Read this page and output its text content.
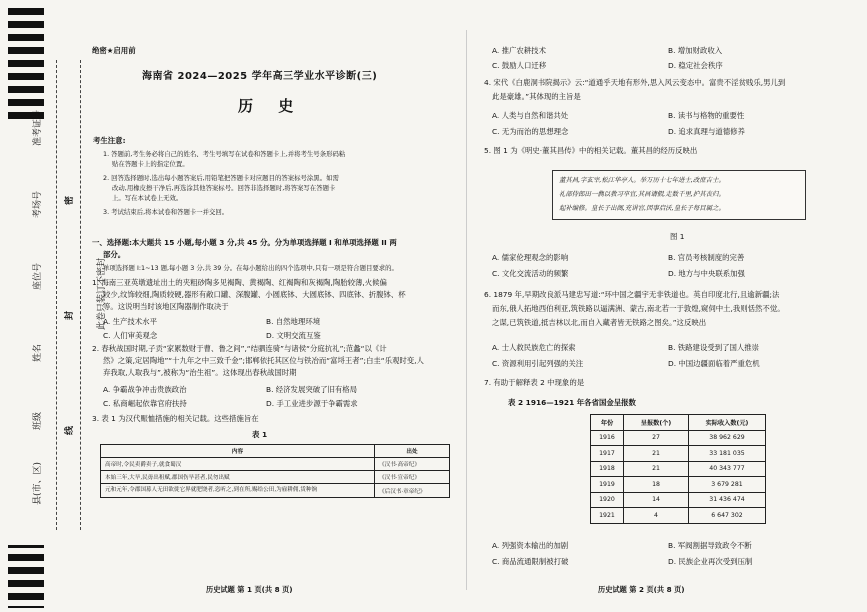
准考证号
考场号
座位号
姓名
班级
县(市、区)
密
封
线
此卷只装订不密封
绝密★启用前
海南省 2024—2025 学年高三学业水平诊断(三)
历 史
考生注意:
1. 答题前,考生务必将自己的姓名、考生号填写在试卷和答题卡上,并将考生号条形码粘
贴在答题卡上的指定位置。
2. 回答选择题时,选出每小题答案后,用铅笔把答题卡对应题目的答案标号涂黑。如需
改动,用橡皮擦干净后,再选涂其他答案标号。回答非选择题时,将答案写在答题卡
上。写在本试卷上无效。
3. 考试结束后,将本试卷和答题卡一并交回。
一、选择题:本大题共 15 小题,每小题 3 分,共 45 分。分为单项选择题 I 和单项选择题 II 两
部分。
单项选择题 I:1~13 题,每小题 3 分,共 39 分。在每小题给出的四个选项中,只有一项是符合题目要求的。
1. 海南三亚英墩遗址出土的夹粗砂陶多见褐陶、黄褐陶、红褐陶和灰褐陶,陶胎较薄,火候偏
较少,纹饰较细,陶质较硬,器形有敞口罐、深腹罐、小圆底钵、大圆底钵、四底钵、折腹钵、杯
等。这说明当时该地区陶器制作取决于
A. 生产技术水平	B. 自然地理环境
C. 人们审美观念	D. 文明交流互鉴
2. 春秋战国时期,子贡“家累数财于曹、鲁之间”,“结驷连骑”与诸侯“分庭抗礼”;范蠡“以《计
然》之策,定居陶地”“十九年之中三致千金”;邯郸依托其区位与铁冶而“富埒王者”;白圭“乐观时变,人
弃我取,人取我与”,被称为“治生祖”。这体现出春秋战国时期
A. 争霸战争冲击贵族政治	B. 经济发展突破了旧有格局
C. 私商崛起依靠官府扶持	D. 手工业进步源于争霸需求
3. 表 1 为汉代赈恤措施的相关记载。这些措施旨在
表 1
内容	出处
高帝时,令民卖爵卖子,就食蜀汉	《汉书·高帝纪》
本始三年,大旱,民毋出租赋,郡国伤旱甚者,民勿出赋	《汉书·宣帝纪》
元和元年,令郡国募人无田欲徙它界就肥饶者,恣听之,到在所,赐给公田,为雇耕佣,赁种饷	《后汉书·章帝纪》
历史试题 第 1 页(共 8 页)
A. 推广农耕技术	B. 增加财政收入
C. 鼓励人口迁移	D. 稳定社会秩序
4. 宋代《白鹿洞书院揭示》云:“道通乎天地有形外,思入风云变态中。富贵不淫贫贱乐,男儿到
此是豪雄。”其体现的主旨是
A. 人类与自然和谐共处	B. 读书与格物的重要性
C. 无为而治的思想理念	D. 追求真理与道德修养
5. 图 1 为《明史·董其昌传》中的相关记载。董其昌的经历反映出
董其昌,字玄宰,松江华亭人。举万历十七年进士,改庶吉士。
礼部侍郎田一儁以教习卒官,其昌请假,走数千里,护其丧归。
起补编修。皇长子出阁,充讲官,因事启沃,皇长子每目属之。
图 1
A. 儒家伦理观念的影响	B. 官员考核制度的完善
C. 文化交流活动的频繁	D. 地方与中央联系加强
6. 1879 年,早期改良派马建忠写道:“环中国之疆宇无非铁道也。英自印度北行,且逾新疆;法
而东,俄人拓地西伯利亚,筑铁路以逼满洲、蒙古,南北若一于敦煌,窥伺中土,我则恬然不觉。
之谋,已筑铁道,抵吉林以北,而自入藏者皆无铁路之图矣。”这反映出
A. 士人救民族危亡的探索	B. 铁路建设受到了国人推崇
C. 资源利用引起列强的关注	D. 中国边疆面临着严重危机
7. 有助于解释表 2 中现象的是
表 2 1916—1921 年各省国金呈报数
年份	呈报数(个)	实际收入数(元)
1916	27	38 962 629
1917	21	33 181 035
1918	21	40 343 777
1919	18	3 679 281
1920	14	31 436 474
1921	4	6 647 302
A. 列强资本输出的加剧	B. 军阀割据导致政令不断
C. 商品流通限制被打破	D. 民族企业再次受到压制
历史试题 第 2 页(共 8 页)
